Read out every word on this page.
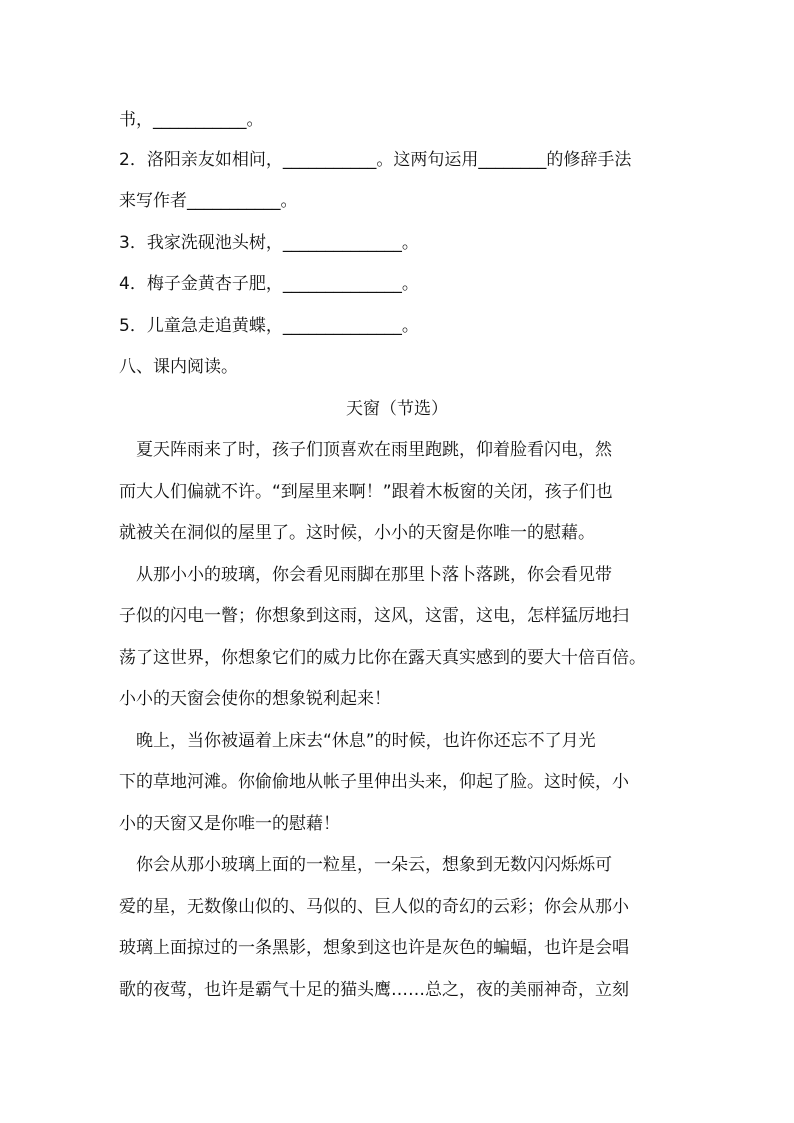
书，___________。
2．洛阳亲友如相问，___________。这两句运用________的修辞手法
来写作者___________。
3．我家洗砚池头树，______________。
4．梅子金黄杏子肥，______________。
5．儿童急走追黄蝶，______________。
八、课内阅读。
天窗（节选）
　夏天阵雨来了时，孩子们顶喜欢在雨里跑跳，仰着脸看闪电，然
而大人们偏就不许。“到屋里来啊！”跟着木板窗的关闭，孩子们也
就被关在洞似的屋里了。这时候，小小的天窗是你唯一的慰藉。
　从那小小的玻璃，你会看见雨脚在那里卜落卜落跳，你会看见带
子似的闪电一瞥；你想象到这雨，这风，这雷，这电，怎样猛厉地扫
荡了这世界，你想象它们的威力比你在露天真实感到的要大十倍百倍。
小小的天窗会使你的想象锐利起来！
　晚上，当你被逼着上床去“休息”的时候，也许你还忘不了月光
下的草地河滩。你偷偷地从帐子里伸出头来，仰起了脸。这时候，小
小的天窗又是你唯一的慰藉！
　你会从那小玻璃上面的一粒星，一朵云，想象到无数闪闪烁烁可
爱的星，无数像山似的、马似的、巨人似的奇幻的云彩；你会从那小
玻璃上面掠过的一条黑影，想象到这也许是灰色的蝙蝠，也许是会唱
歌的夜莺，也许是霸气十足的猫头鹰……总之，夜的美丽神奇，立刻
